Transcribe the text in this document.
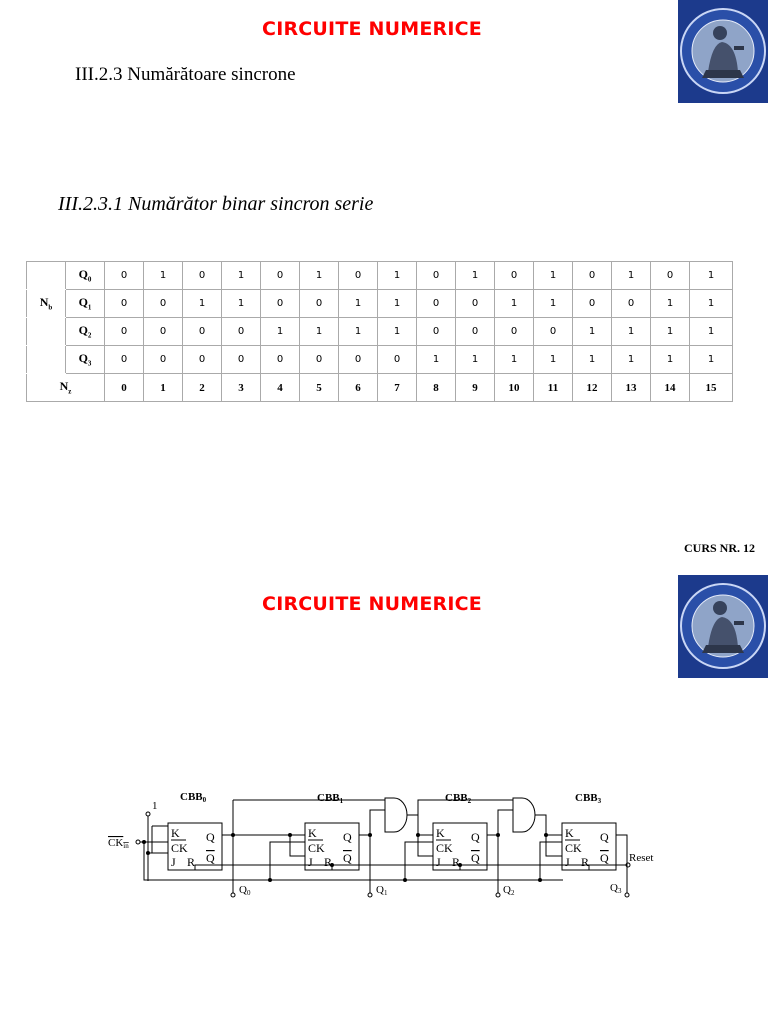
CIRCUITE NUMERICE
III.2.3 Numărătoare sincrone
III.2.3.1 Numărător binar sincron serie
	$Q_0$	0	1	0	1	0	1	0	1	0	1	0	1	0	1	0	1
$N_b$	$Q_1$	0	0	1	1	0	0	1	1	0	0	1	1	0	0	1	1
	$Q_2$	0	0	0	0	1	1	1	1	0	0	0	0	1	1	1	1
	$Q_3$	0	0	0	0	0	0	0	0	1	1	1	1	1	1	1	1
$N_z$		0	1	2	3	4	5	6	7	8	9	10	11	12	13	14	15
CURS NR. 12
CIRCUITE NUMERICE
CBB0	CBB1	CBB2	CBB3
K
CK
J R
Q
Q
K
CK
J R
Q
Q
K
CK
J R
Q
Q
K
CK
J R
Q
Q
1
CKin
Reset
Q0	Q1	Q2	Q3
